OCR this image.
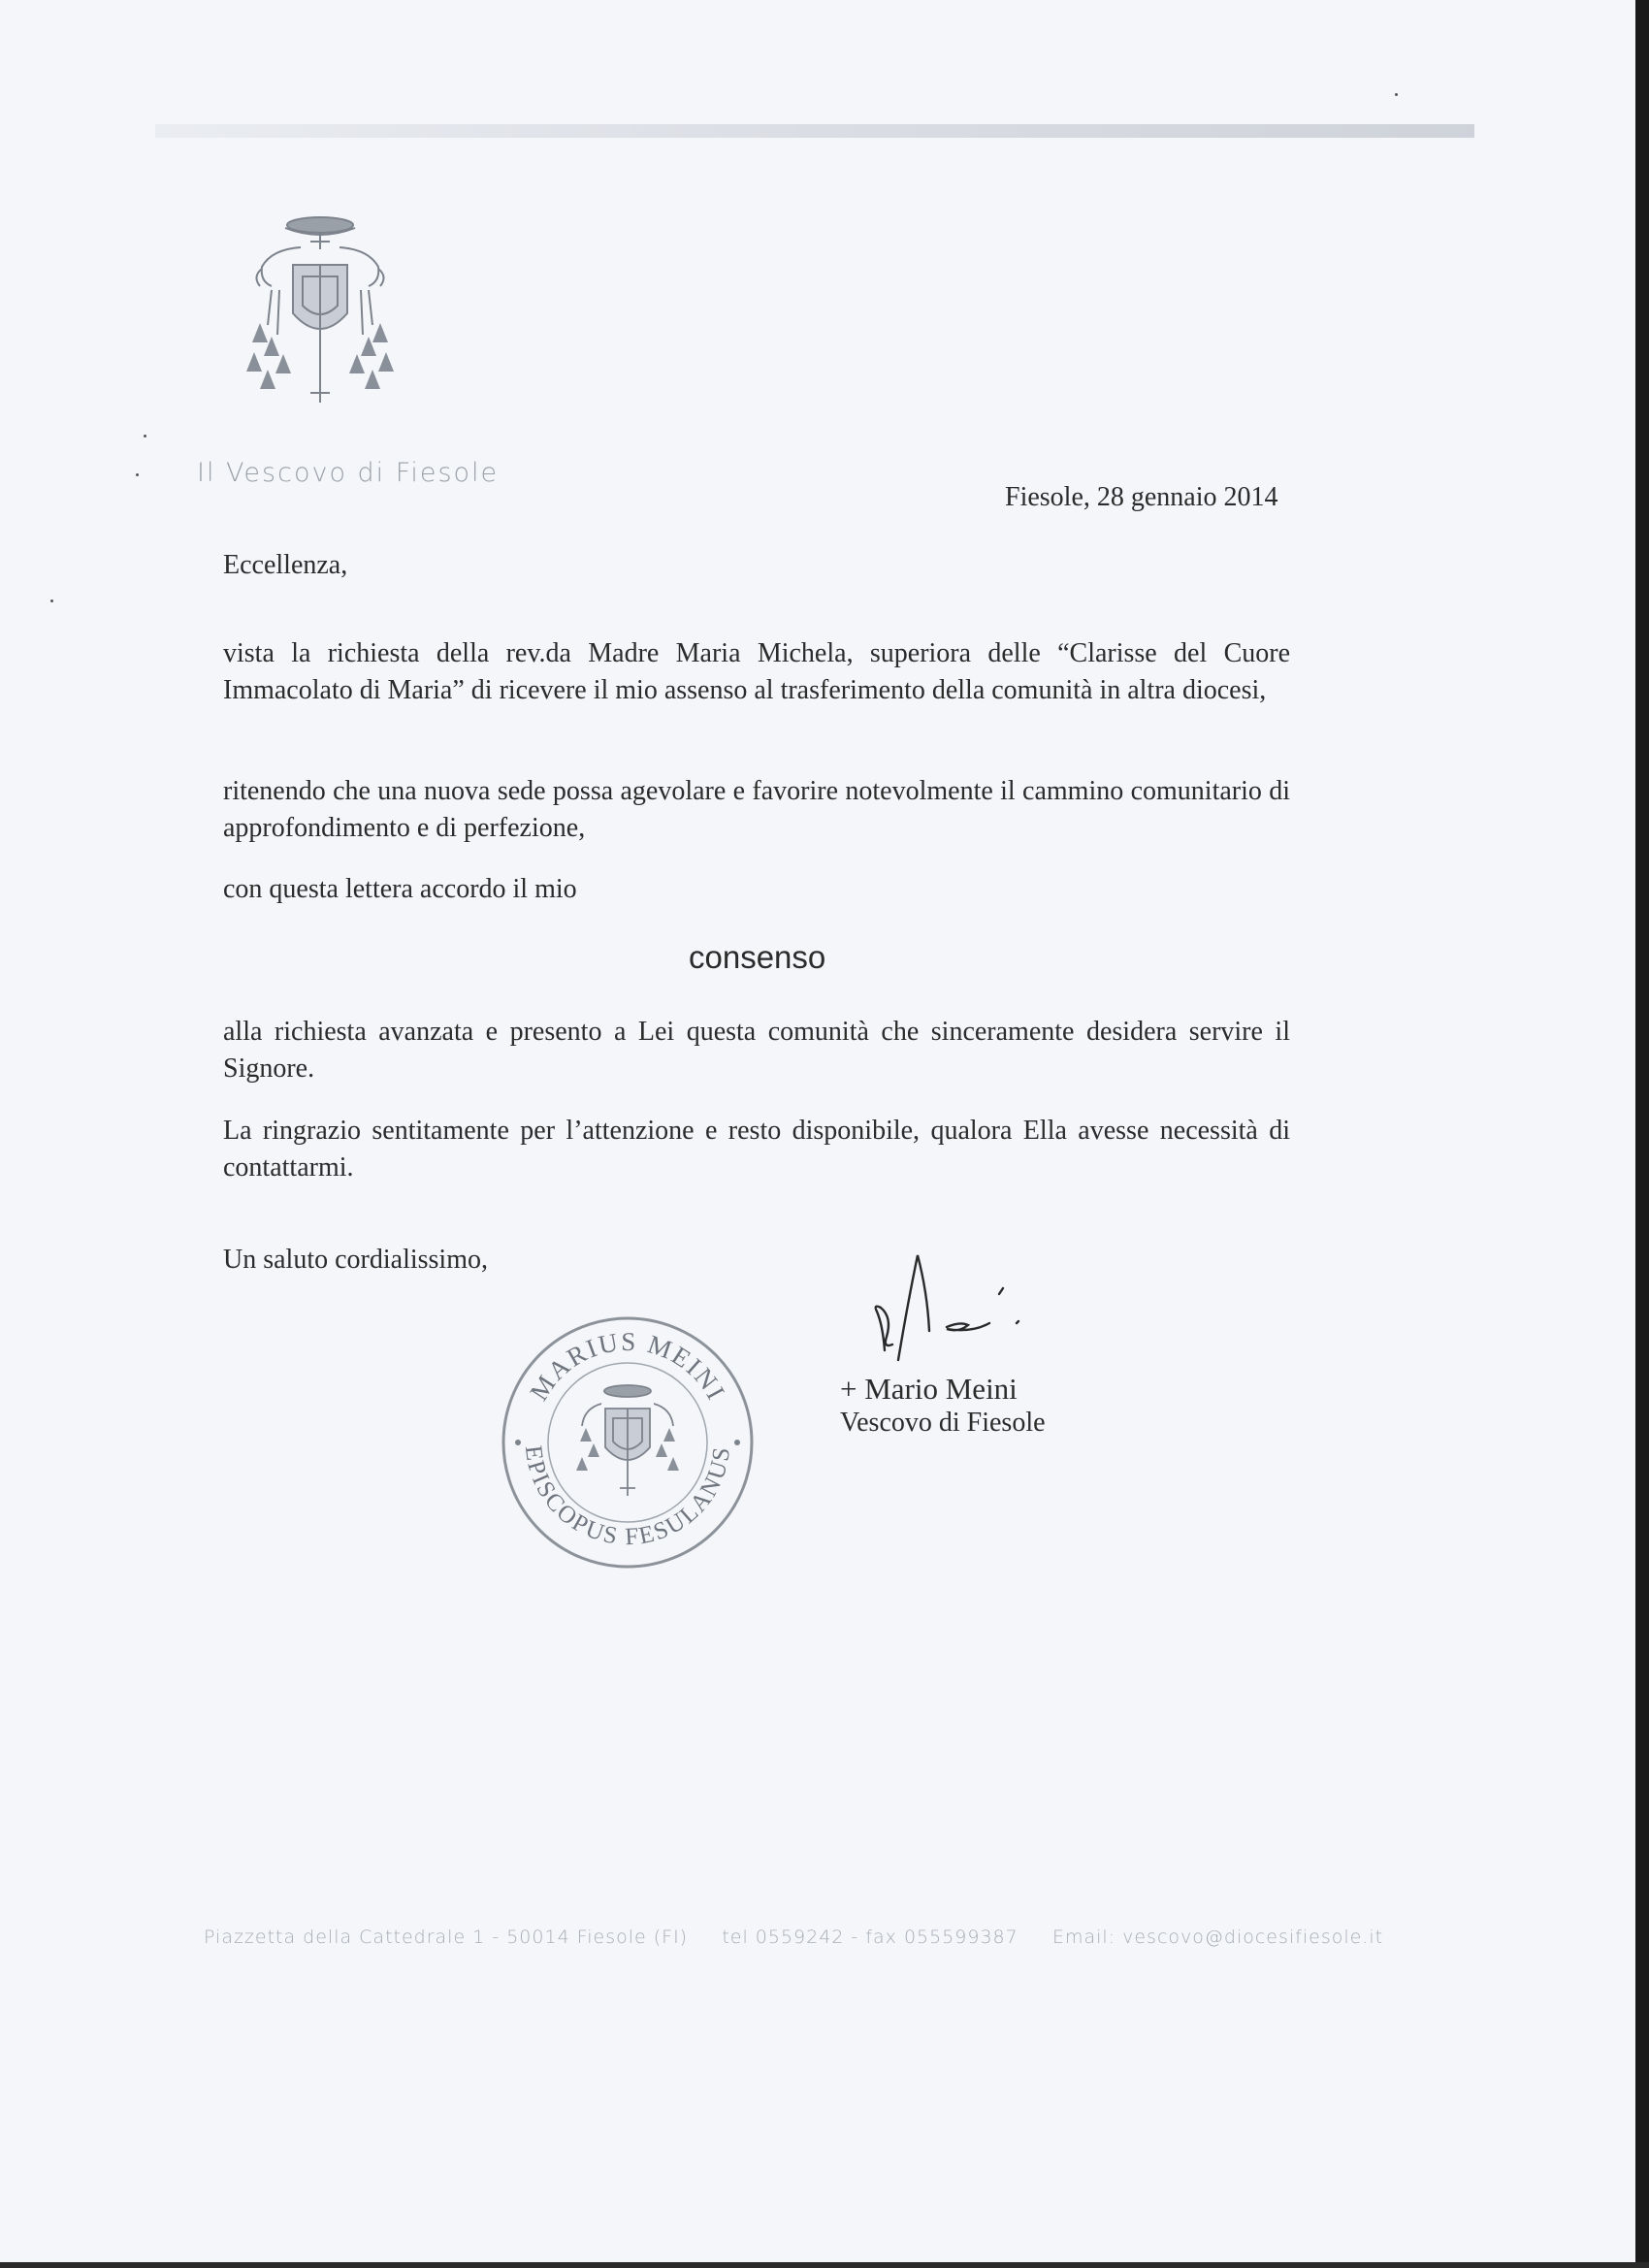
Il Vescovo di Fiesole
Fiesole, 28 gennaio 2014
Eccellenza,
vista la richiesta della rev.da Madre Maria Michela, superiora delle “Clarisse del Cuore Immacolato di Maria” di ricevere il mio assenso al trasferimento della comunità in altra diocesi,
ritenendo che una nuova sede possa agevolare e favorire notevolmente il cammino comunitario di approfondimento e di perfezione,
con questa lettera accordo il mio
consenso
alla richiesta avanzata e presento a Lei questa comunità che sinceramente desidera servire il Signore.
La ringrazio sentitamente per l’attenzione e resto disponibile, qualora Ella avesse necessità di contattarmi.
Un saluto cordialissimo,
MARIUS MEINI
EPISCOPUS FESULANUS
+ Mario Meini
Vescovo di Fiesole
Piazzetta della Cattedrale 1 - 50014 Fiesole (FI) tel 0559242 - fax 055599387 Email: vescovo@diocesifiesole.it
